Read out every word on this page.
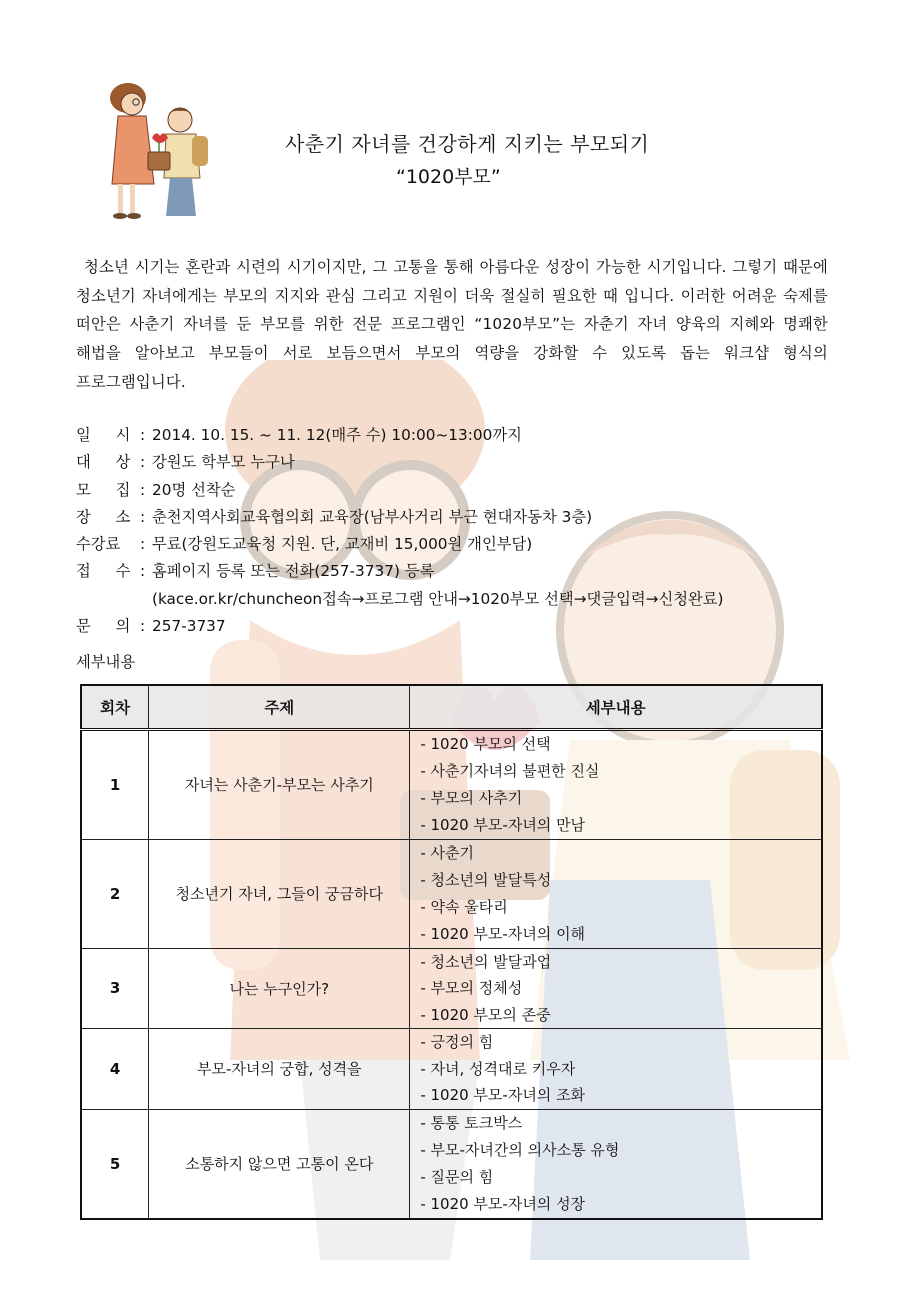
사춘기 자녀를 건강하게 지키는 부모되기
“1020부모”

청소년 시기는 혼란과 시련의 시기이지만, 그 고통을 통해 아름다운 성장이 가능한 시기입니다. 그렇기 때문에 청소년기 자녀에게는 부모의 지지와 관심 그리고 지원이 더욱 절실히 필요한 때 입니다. 이러한 어려운 숙제를 떠안은 사춘기 자녀를 둔 부모를 위한 전문 프로그램인 “1020부모”는 자춘기 자녀 양육의 지혜와 명쾌한 해법을 알아보고 부모들이 서로 보듬으면서 부모의 역량을 강화할 수 있도록 돕는 워크샵 형식의 프로그램입니다.

일 시 : 2014. 10. 15. ~ 11. 12(매주 수) 10:00~13:00까지
대 상 : 강원도 학부모 누구나
모 집 : 20명 선착순
장 소 : 춘천지역사회교육협의회 교육장(남부사거리 부근 현대자동차 3층)
수강료	: 무료(강원도교육청 지원. 단, 교재비 15,000원 개인부담)
접 수 : 홈페이지 등록 또는 전화(257-3737) 등록
(kace.or.kr/chuncheon접속→프로그램 안내→1020부모 선택→댓글입력→신청완료)
문 의 : 257-3737
세부내용
회차	주제	세부내용
1	자녀는 사춘기-부모는 사추기	- 1020 부모의 선택
- 사춘기자녀의 불편한 진실
- 부모의 사추기
- 1020 부모-자녀의 만남

2	청소년기 자녀, 그들이 궁금하다	- 사춘기
- 청소년의 발달특성
- 약속 울타리
- 1020 부모-자녀의 이해

3	나는 누구인가?	- 청소년의 발달과업
- 부모의 정체성
- 1020 부모의 존중

4	부모-자녀의 궁합, 성격을	- 긍정의 힘
- 자녀, 성격대로 키우자
- 1020 부모-자녀의 조화

5	소통하지 않으면 고통이 온다	- 통통 토크박스
- 부모-자녀간의 의사소통 유형
- 질문의 힘
- 1020 부모-자녀의 성장
